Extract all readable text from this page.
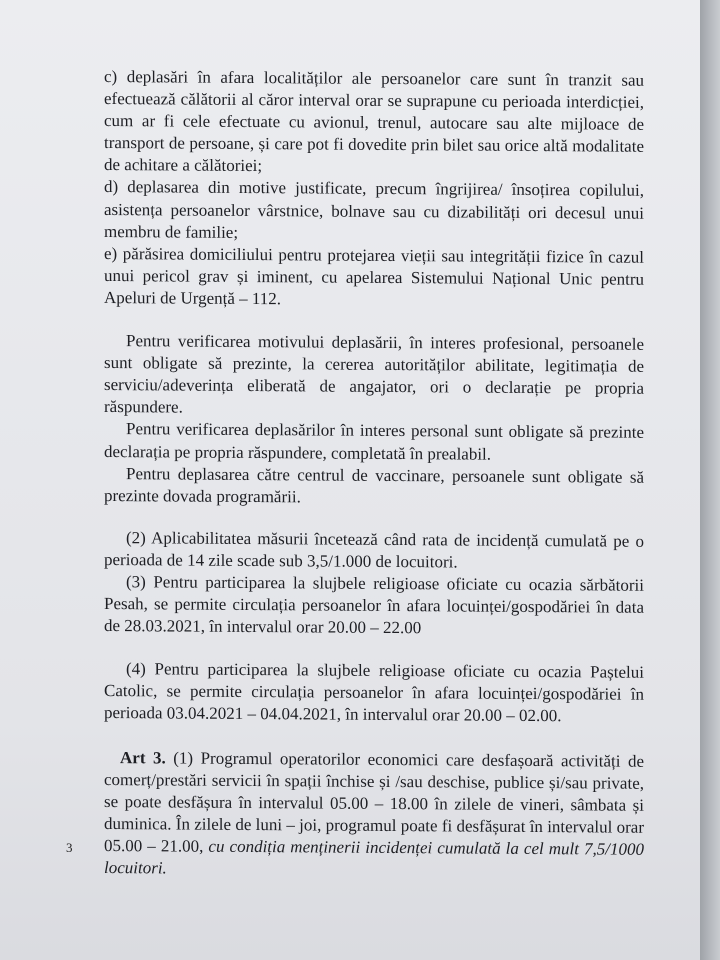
c) deplasări în afara localităților ale persoanelor care sunt în tranzit sau efectuează călătorii al căror interval orar se suprapune cu perioada interdicției, cum ar fi cele efectuate cu avionul, trenul, autocare sau alte mijloace de transport de persoane, și care pot fi dovedite prin bilet sau orice altă modalitate de achitare a călătoriei;

d) deplasarea din motive justificate, precum îngrijirea/ însoțirea copilului, asistența persoanelor vârstnice, bolnave sau cu dizabilități ori decesul unui membru de familie;

e) părăsirea domiciliului pentru protejarea vieții sau integrității fizice în cazul unui pericol grav și iminent, cu apelarea Sistemului Național Unic pentru Apeluri de Urgență – 112.

Pentru verificarea motivului deplasării, în interes profesional, persoanele sunt obligate să prezinte, la cererea autorităților abilitate, legitimația de serviciu/adeverința eliberată de angajator, ori o declarație pe propria răspundere.

Pentru verificarea deplasărilor în interes personal sunt obligate să prezinte declarația pe propria răspundere, completată în prealabil.

Pentru deplasarea către centrul de vaccinare, persoanele sunt obligate să prezinte dovada programării.

(2) Aplicabilitatea măsurii încetează când rata de incidență cumulată pe o perioada de 14 zile scade sub 3,5/1.000 de locuitori.

(3) Pentru participarea la slujbele religioase oficiate cu ocazia sărbătorii Pesah, se permite circulația persoanelor în afara locuinței/gospodăriei în data de 28.03.2021, în intervalul orar 20.00 – 22.00

(4) Pentru participarea la slujbele religioase oficiate cu ocazia Paștelui Catolic, se permite circulația persoanelor în afara locuinței/gospodăriei în perioada 03.04.2021 – 04.04.2021, în intervalul orar 20.00 – 02.00.

Art 3. (1) Programul operatorilor economici care desfașoară activități de comerț/prestări servicii în spații închise și /sau deschise, publice și/sau private, se poate desfășura în intervalul 05.00 – 18.00 în zilele de vineri, sâmbata și duminica. În zilele de luni – joi, programul poate fi desfășurat în intervalul orar 05.00 – 21.00, cu condiția menținerii incidenței cumulată la cel mult 7,5/1000 locuitori.

3
